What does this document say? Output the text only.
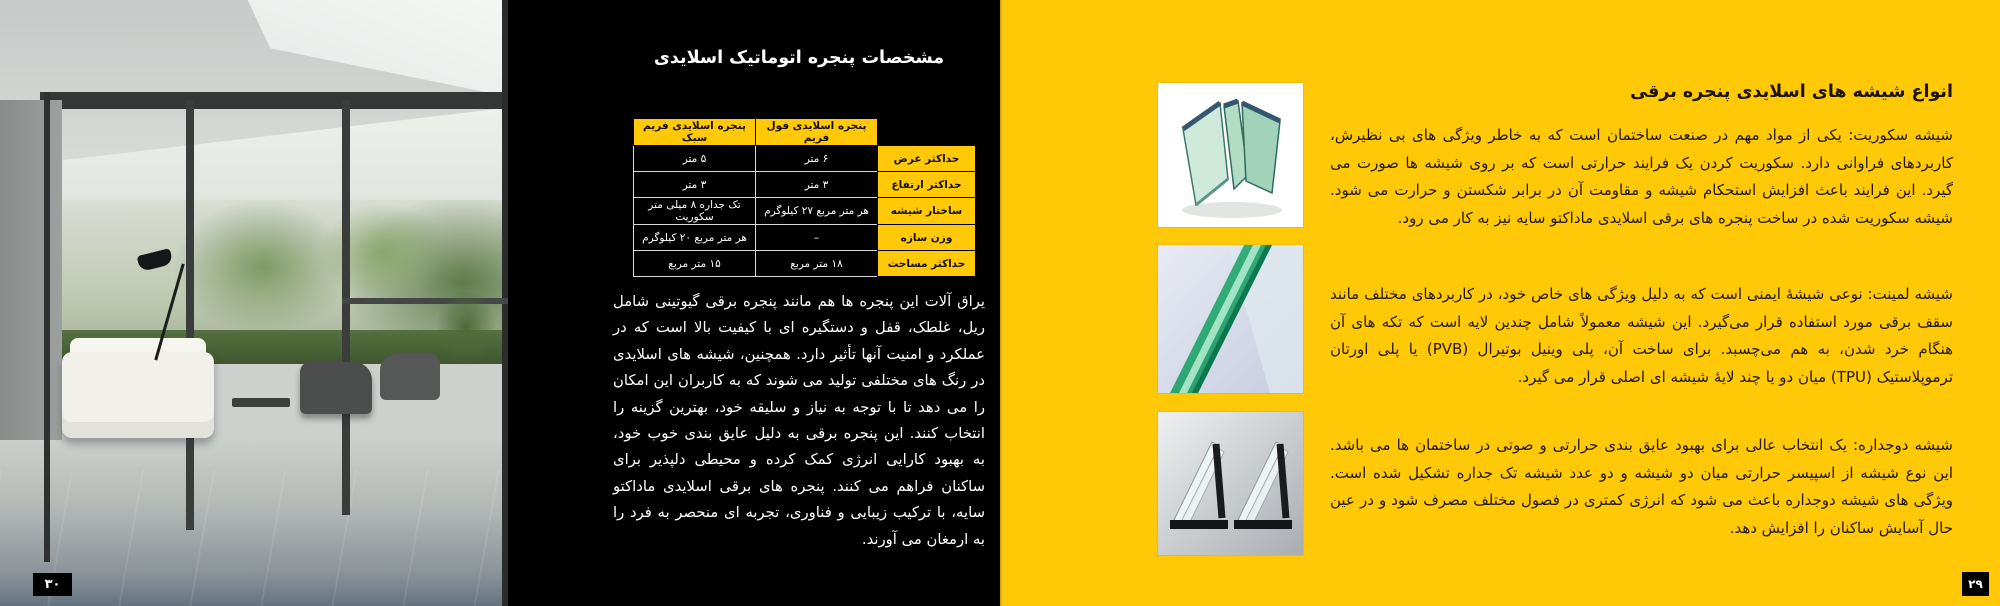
۳۰
مشخصات پنجره اتوماتیک اسلایدی
	پنجره اسلایدی فول فریم	پنجره اسلایدی فریم سبک
حداکثر عرض	۶ متر	۵ متر
حداکثر ارتفاع	۳ متر	۳ متر
ساختار شیشه	هر متر مربع ۲۷ کیلوگرم	تک جداره ۸ میلی متر سکوریت
وزن سازه	–	هر متر مربع ۲۰ کیلوگرم
حداکثر مساحت	۱۸ متر مربع	۱۵ متر مربع

یراق آلات این پنجره ها هم مانند پنجره برقی گیوتینی شامل ریل، غلطک، قفل و دستگیره ای با کیفیت بالا است که در عملکرد و امنیت آنها تأثیر دارد. همچنین، شیشه های اسلایدی در رنگ های مختلفی تولید می شوند که به کاربران این امکان را می دهد تا با توجه به نیاز و سلیقه خود، بهترین گزینه را انتخاب کنند. این پنجره برقی به دلیل عایق بندی خوب خود، به بهبود کارایی انرژی کمک کرده و محیطی دلپذیر برای ساکنان فراهم می کنند. پنجره های برقی اسلایدی ماداکتو سایه، با ترکیب زیبایی و فناوری، تجربه ای منحصر به فرد را به ارمغان می آورند.

انواع شیشه های اسلایدی پنجره برقی

شیشه سکوریت: یکی از مواد مهم در صنعت ساختمان است که به خاطر ویژگی های بی نظیرش، کاربردهای فراوانی دارد. سکوریت کردن یک فرایند حرارتی است که بر روی شیشه ها صورت می گیرد. این فرایند باعث افزایش استحکام شیشه و مقاومت آن در برابر شکستن و حرارت می شود. شیشه سکوریت شده در ساخت پنجره های برقی اسلایدی ماداکتو سایه نیز به کار می رود.

شیشه لمینت: نوعی شیشهٔ ایمنی است که به دلیل ویژگی های خاص خود، در کاربردهای مختلف مانند سقف برقی مورد استفاده قرار می‌گیرد. این شیشه معمولاً شامل چندین لایه است که تکه های آن هنگام خرد شدن، به هم می‌چسبد. برای ساخت آن، پلی وینیل بوتیرال (PVB) یا پلی اورتان ترموپلاستیک (TPU) میان دو یا چند لایهٔ شیشه ای اصلی قرار می گیرد.

شیشه دوجداره: یک انتخاب عالی برای بهبود عایق بندی حرارتی و صوتی در ساختمان ها می باشد. این نوع شیشه از اسپیسر حرارتی میان دو شیشه و دو عدد شیشه تک جداره تشکیل شده است. ویژگی های شیشه دوجداره باعث می شود که انرژی کمتری در فصول مختلف مصرف شود و در عین حال آسایش ساکنان را افزایش دهد.

۲۹
